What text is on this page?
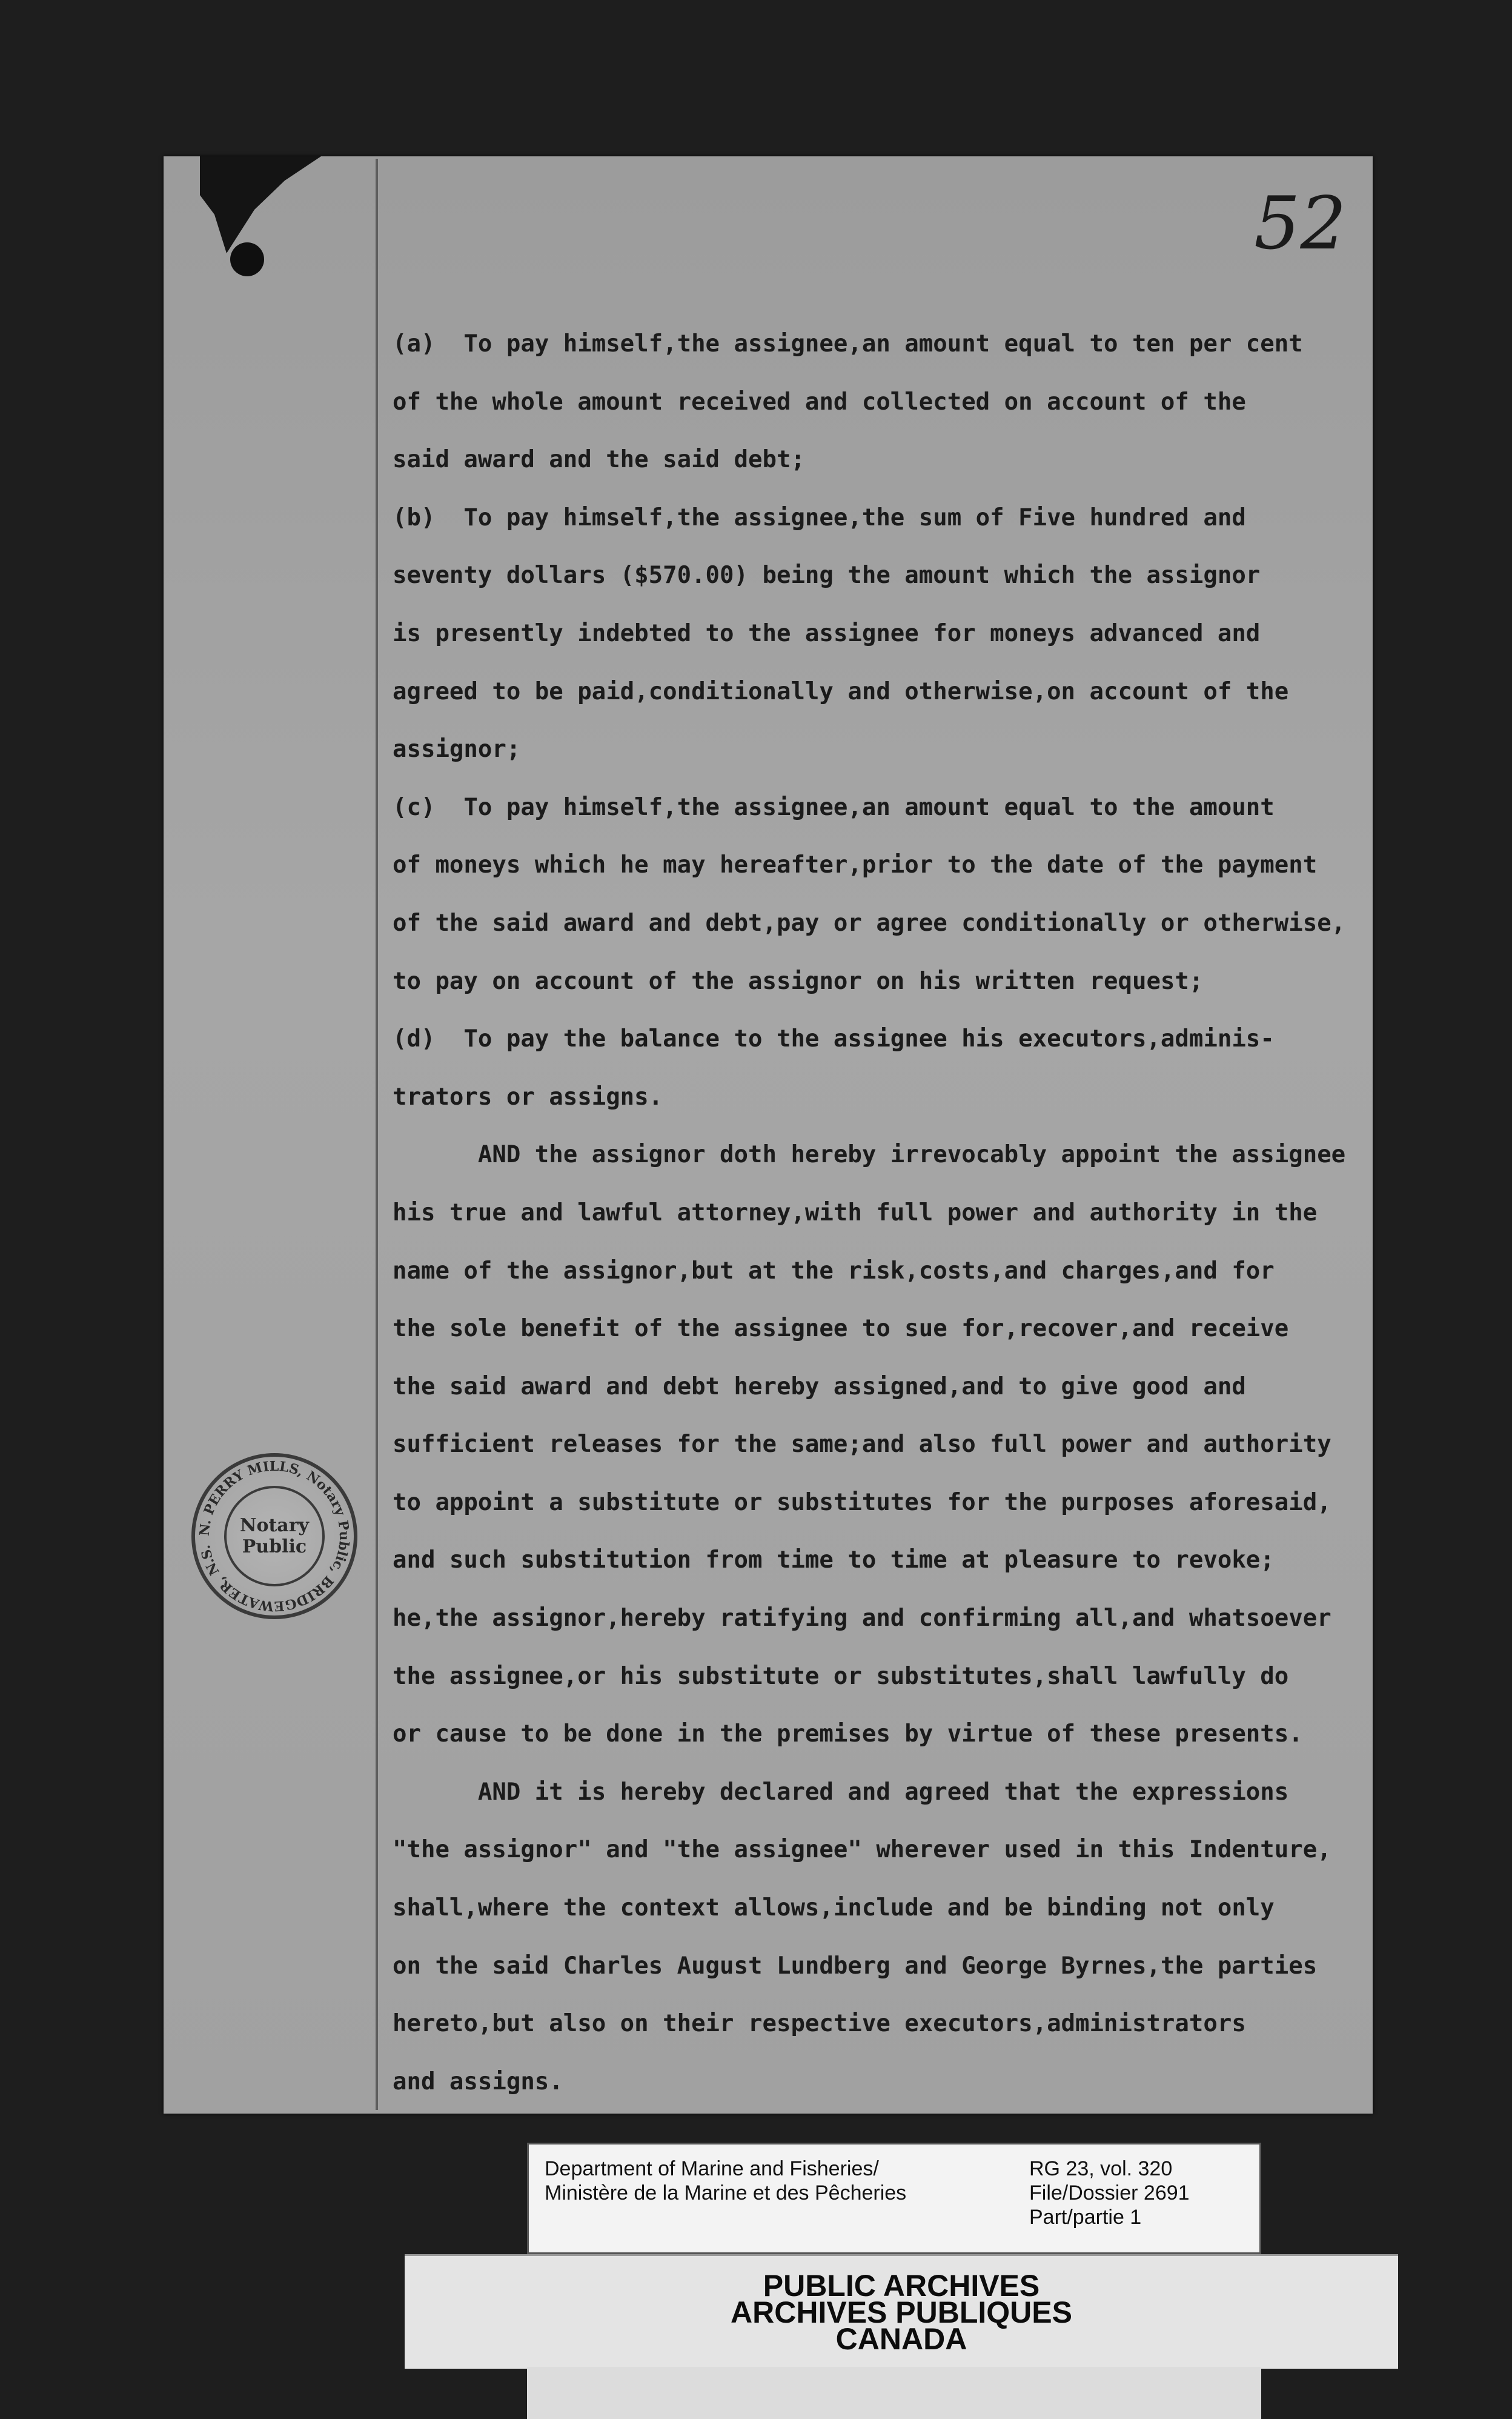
52
(a)  To pay himself,the assignee,an amount equal to ten per cent
of the whole amount received and collected on account of the
said award and the said debt;
(b)  To pay himself,the assignee,the sum of Five hundred and
seventy dollars ($570.00) being the amount which the assignor
is presently indebted to the assignee for moneys advanced and
agreed to be paid,conditionally and otherwise,on account of the
assignor;
(c)  To pay himself,the assignee,an amount equal to the amount
of moneys which he may hereafter,prior to the date of the payment
of the said award and debt,pay or agree conditionally or otherwise,
to pay on account of the assignor on his written request;
(d)  To pay the balance to the assignee his executors,adminis-
trators or assigns.
AND the assignor doth hereby irrevocably appoint the assignee
his true and lawful attorney,with full power and authority in the
name of the assignor,but at the risk,costs,and charges,and for
the sole benefit of the assignee to sue for,recover,and receive
the said award and debt hereby assigned,and to give good and
sufficient releases for the same;and also full power and authority
to appoint a substitute or substitutes for the purposes aforesaid,
and such substitution from time to time at pleasure to revoke;
he,the assignor,hereby ratifying and confirming all,and whatsoever
the assignee,or his substitute or substitutes,shall lawfully do
or cause to be done in the premises by virtue of these presents.
AND it is hereby declared and agreed that the expressions
"the assignor" and "the assignee" wherever used in this Indenture,
shall,where the context allows,include and be binding not only
on the said Charles August Lundberg and George Byrnes,the parties
hereto,but also on their respective executors,administrators
and assigns.
N. PERRY MILLS, Notary Public, BRIDGEWATER, N.S.
Notary
Public
Department of Marine and Fisheries/
Ministère de la Marine et des Pêcheries
RG 23, vol. 320
File/Dossier 2691
Part/partie 1
PUBLIC ARCHIVES
ARCHIVES PUBLIQUES
CANADA
